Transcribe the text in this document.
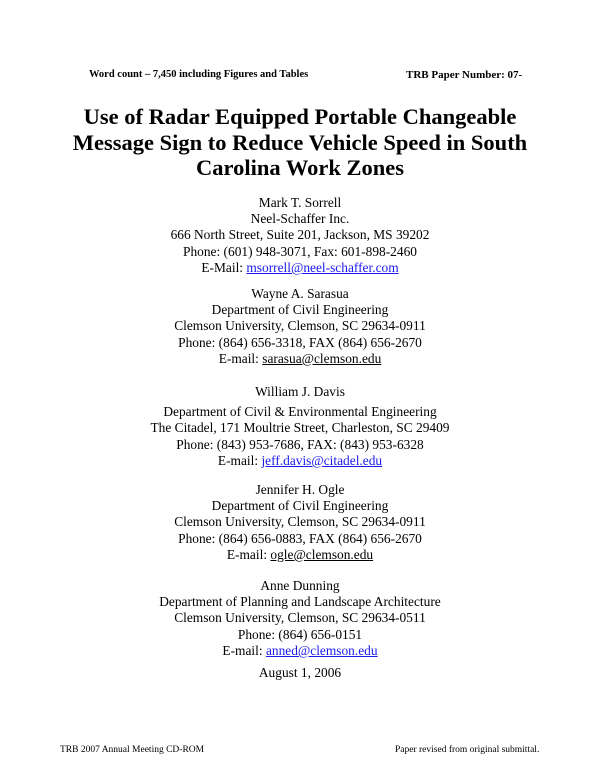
Word count – 7,450 including Figures and Tables	TRB Paper Number: 07-
Use of Radar Equipped Portable Changeable Message Sign to Reduce Vehicle Speed in South Carolina Work Zones
Mark T. Sorrell
Neel-Schaffer Inc.
666 North Street, Suite 201, Jackson, MS 39202
Phone: (601) 948-3071, Fax: 601-898-2460
E-Mail: msorrell@neel-schaffer.com
Wayne A. Sarasua
Department of Civil Engineering
Clemson University, Clemson, SC 29634-0911
Phone: (864) 656-3318, FAX (864) 656-2670
E-mail: sarasua@clemson.edu
William J. Davis
Department of Civil & Environmental Engineering
The Citadel, 171 Moultrie Street, Charleston, SC 29409
Phone: (843) 953-7686, FAX: (843) 953-6328
E-mail: jeff.davis@citadel.edu
Jennifer H. Ogle
Department of Civil Engineering
Clemson University, Clemson, SC 29634-0911
Phone: (864) 656-0883, FAX (864) 656-2670
E-mail: ogle@clemson.edu
Anne Dunning
Department of Planning and Landscape Architecture
Clemson University, Clemson, SC 29634-0511
Phone: (864) 656-0151
E-mail: anned@clemson.edu
August 1, 2006
TRB 2007 Annual Meeting CD-ROM	Paper revised from original submittal.
